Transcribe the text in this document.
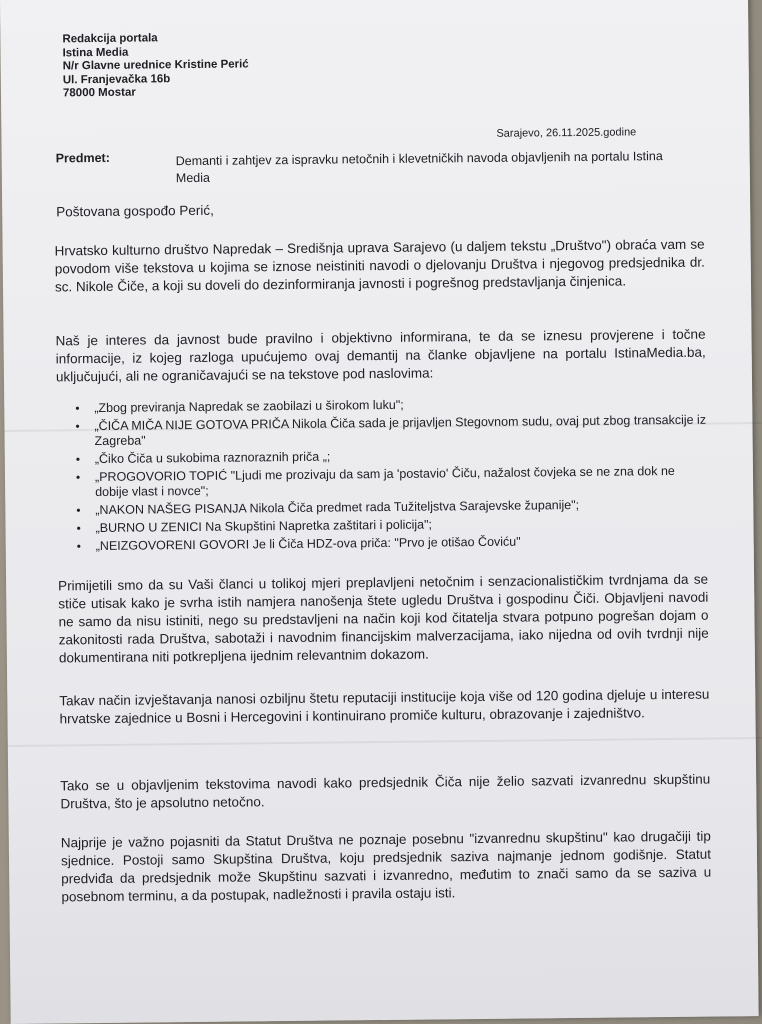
Redakcija portala
Istina Media
N/r Glavne urednice Kristine Perić
Ul. Franjevačka 16b
78000 Mostar
Sarajevo, 26.11.2025.godine
Predmet:	Demanti i zahtjev za ispravku netočnih i klevetničkih navoda objavljenih na portalu Istina Media
Poštovana gospođo Perić,
Hrvatsko kulturno društvo Napredak – Središnja uprava Sarajevo (u daljem tekstu „Društvo") obraća vam se povodom više tekstova u kojima se iznose neistiniti navodi o djelovanju Društva i njegovog predsjednika dr. sc. Nikole Čiče, a koji su doveli do dezinformiranja javnosti i pogrešnog predstavljanja činjenica.
Naš je interes da javnost bude pravilno i objektivno informirana, te da se iznesu provjerene i točne informacije, iz kojeg razloga upućujemo ovaj demantij na članke objavljene na portalu IstinaMedia.ba, uključujući, ali ne ograničavajući se na tekstove pod naslovima:
• „Zbog previranja Napredak se zaobilazi u širokom luku";
• „ČIČA MIČA NIJE GOTOVA PRIČA Nikola Čiča sada je prijavljen Stegovnom sudu, ovaj put zbog transakcije iz Zagreba"
• „Čiko Čiča u sukobima raznoraznih priča „;
• „PROGOVORIO TOPIĆ "Ljudi me prozivaju da sam ja 'postavio' Čiču, nažalost čovjeka se ne zna dok ne dobije vlast i novce";
• „NAKON NAŠEG PISANJA Nikola Čiča predmet rada Tužiteljstva Sarajevske županije";
• „BURNO U ZENICI Na Skupštini Napretka zaštitari i policija";
• „NEIZGOVORENI GOVORI Je li Čiča HDZ-ova priča: "Prvo je otišao Čoviću"
Primijetili smo da su Vaši članci u tolikoj mjeri preplavljeni netočnim i senzacionalističkim tvrdnjama da se stiče utisak kako je svrha istih namjera nanošenja štete ugledu Društva i gospodinu Čiči. Objavljeni navodi ne samo da nisu istiniti, nego su predstavljeni na način koji kod čitatelja stvara potpuno pogrešan dojam o zakonitosti rada Društva, sabotaži i navodnim financijskim malverzacijama, iako nijedna od ovih tvrdnji nije dokumentirana niti potkrepljena ijednim relevantnim dokazom.
Takav način izvještavanja nanosi ozbiljnu štetu reputaciji institucije koja više od 120 godina djeluje u interesu hrvatske zajednice u Bosni i Hercegovini i kontinuirano promiče kulturu, obrazovanje i zajedništvo.
Tako se u objavljenim tekstovima navodi kako predsjednik Čiča nije želio sazvati izvanrednu skupštinu Društva, što je apsolutno netočno.
Najprije je važno pojasniti da Statut Društva ne poznaje posebnu "izvanrednu skupštinu" kao drugačiji tip sjednice. Postoji samo Skupština Društva, koju predsjednik saziva najmanje jednom godišnje. Statut predviđa da predsjednik može Skupštinu sazvati i izvanredno, međutim to znači samo da se saziva u posebnom terminu, a da postupak, nadležnosti i pravila ostaju isti.
